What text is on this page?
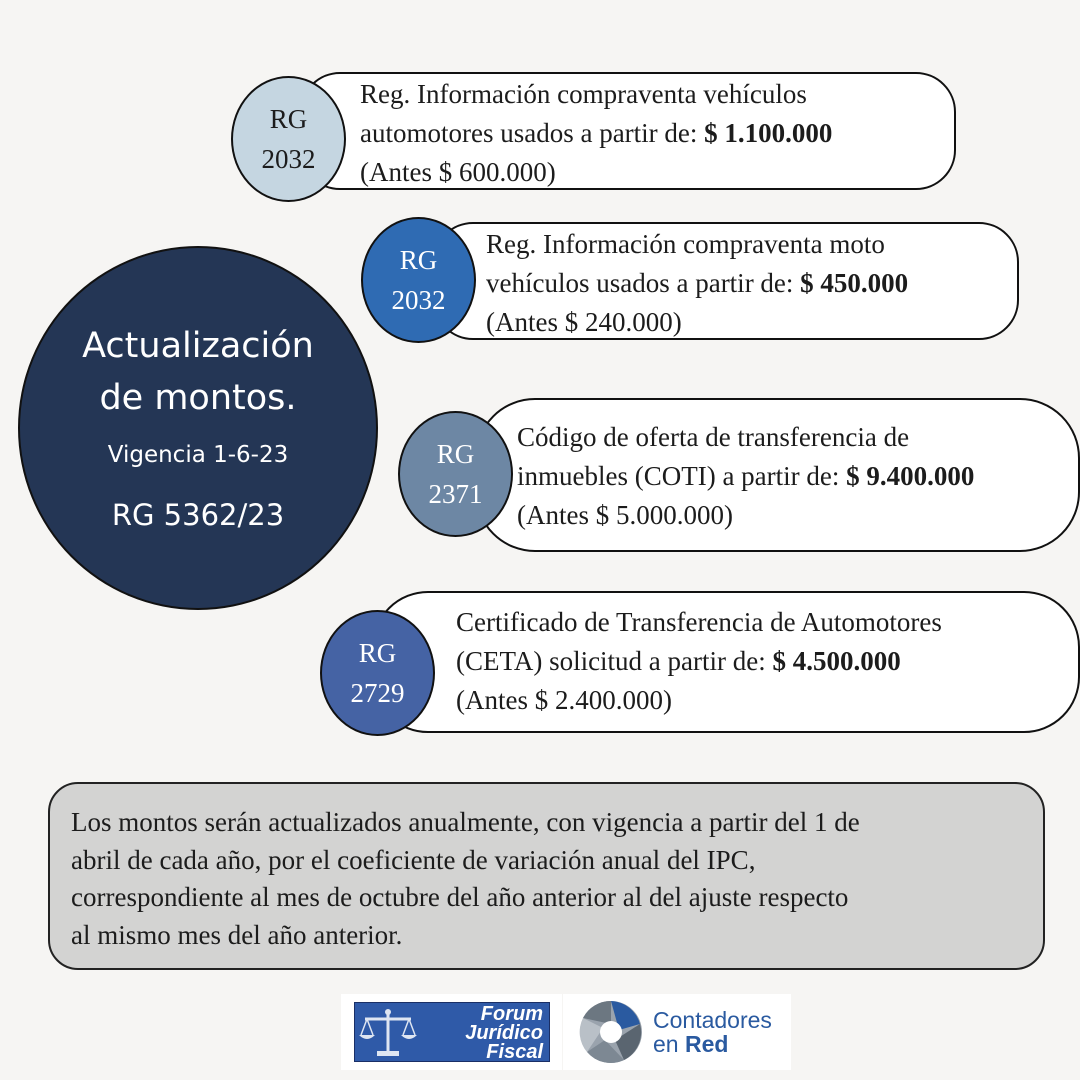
Actualización
de montos.
Vigencia 1-6-23
RG 5362/23
Reg. Información compraventa vehículos
automotores usados a partir de: $ 1.100.000
(Antes $ 600.000)
RG
2032
Reg. Información compraventa moto
vehículos usados a partir de: $ 450.000
(Antes $ 240.000)
RG
2032
Código de oferta de transferencia de
inmuebles (COTI) a partir de: $ 9.400.000
(Antes $ 5.000.000)
RG
2371
Certificado de Transferencia de Automotores
(CETA) solicitud a partir de: $ 4.500.000
(Antes $ 2.400.000)
RG
2729
Los montos serán actualizados anualmente, con vigencia a partir del 1 de
abril de cada año, por el coeficiente de variación anual del IPC,
correspondiente al mes de octubre del año anterior al del ajuste respecto
al mismo mes del año anterior.
Forum
Jurídico
Fiscal
Contadores
en Red
